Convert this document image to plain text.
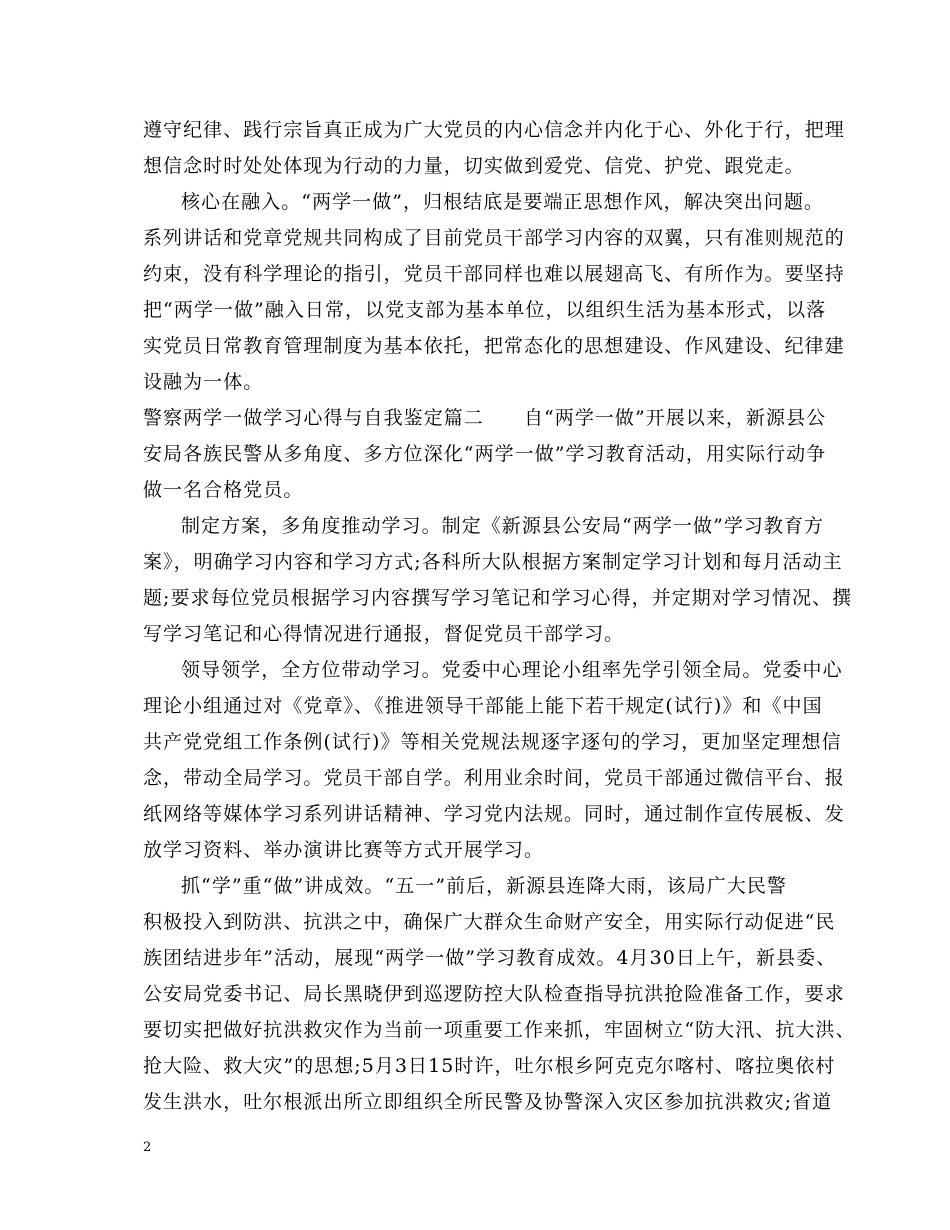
遵守纪律、践行宗旨真正成为广大党员的内心信念并内化于心、外化于行，把理
想信念时时处处体现为行动的力量，切实做到爱党、信党、护党、跟党走。
核心在融入。“两学一做”，归根结底是要端正思想作风，解决突出问题。
系列讲话和党章党规共同构成了目前党员干部学习内容的双翼，只有准则规范的
约束，没有科学理论的指引，党员干部同样也难以展翅高飞、有所作为。要坚持
把“两学一做”融入日常，以党支部为基本单位，以组织生活为基本形式，以落
实党员日常教育管理制度为基本依托，把常态化的思想建设、作风建设、纪律建
设融为一体。
警察两学一做学习心得与自我鉴定篇二　　自“两学一做”开展以来，新源县公
安局各族民警从多角度、多方位深化“两学一做”学习教育活动，用实际行动争
做一名合格党员。
制定方案，多角度推动学习。制定《新源县公安局“两学一做”学习教育方
案》，明确学习内容和学习方式;各科所大队根据方案制定学习计划和每月活动主
题;要求每位党员根据学习内容撰写学习笔记和学习心得，并定期对学习情况、撰
写学习笔记和心得情况进行通报，督促党员干部学习。
领导领学，全方位带动学习。党委中心理论小组率先学引领全局。党委中心
理论小组通过对《党章》、《推进领导干部能上能下若干规定(试行)》和《中国
共产党党组工作条例(试行)》等相关党规法规逐字逐句的学习，更加坚定理想信
念，带动全局学习。党员干部自学。利用业余时间，党员干部通过微信平台、报
纸网络等媒体学习系列讲话精神、学习党内法规。同时，通过制作宣传展板、发
放学习资料、举办演讲比赛等方式开展学习。
抓“学”重“做”讲成效。“五一”前后，新源县连降大雨，该局广大民警
积极投入到防洪、抗洪之中，确保广大群众生命财产安全，用实际行动促进“民
族团结进步年”活动，展现“两学一做”学习教育成效。4月30日上午，新县委、
公安局党委书记、局长黑晓伊到巡逻防控大队检查指导抗洪抢险准备工作，要求
要切实把做好抗洪救灾作为当前一项重要工作来抓，牢固树立“防大汛、抗大洪、
抢大险、救大灾”的思想;5月3日15时许，吐尔根乡阿克克尔喀村、喀拉奥依村
发生洪水，吐尔根派出所立即组织全所民警及协警深入灾区参加抗洪救灾;省道
2
